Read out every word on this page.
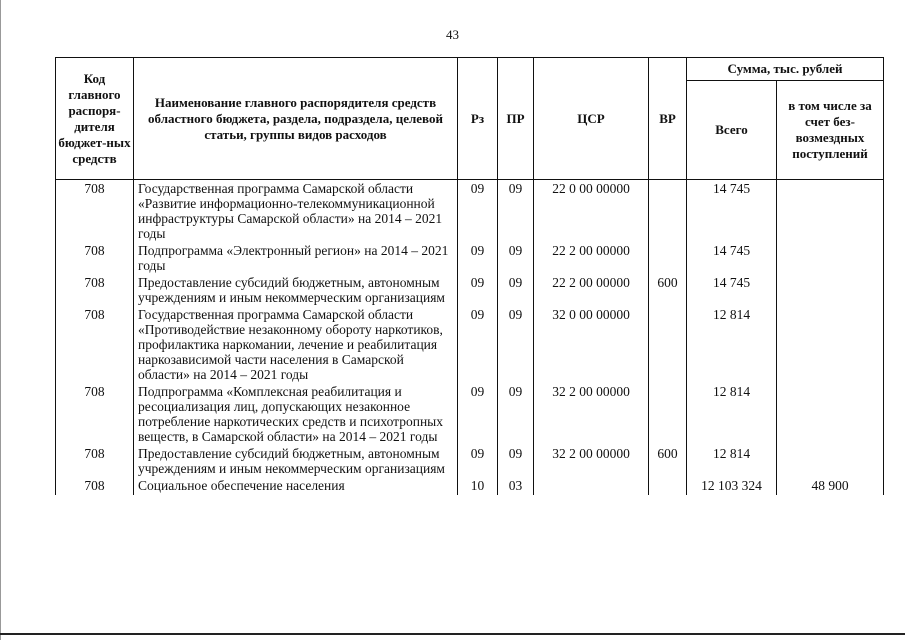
43
Код главного распоря-дителя бюджет-ных средств	Наименование главного распорядителя средств областного бюджета, раздела, подраздела, целевой статьи, группы видов расходов	Рз	ПР	ЦСР	ВР	Сумма, тыс. рублей	
						Всего	в том числе за счет без-возмездных поступлений
708	Государственная программа Самарской области «Развитие информационно-телекоммуникационной инфраструктуры Самарской области» на 2014 – 2021 годы	09	09	22 0 00 00000		14 745	
708	Подпрограмма «Электронный регион» на 2014 – 2021 годы	09	09	22 2 00 00000		14 745	
708	Предоставление субсидий бюджетным, автономным учреждениям и иным некоммерческим организациям	09	09	22 2 00 00000	600	14 745	
708	Государственная программа Самарской области «Противодействие незаконному обороту наркотиков, профилактика наркомании, лечение и реабилитация наркозависимой части населения в Самарской области» на 2014 – 2021 годы	09	09	32 0 00 00000		12 814	
708	Подпрограмма «Комплексная реабилитация и ресоциализация лиц, допускающих незаконное потребление наркотических средств и психотропных веществ, в Самарской области» на 2014 – 2021 годы	09	09	32 2 00 00000		12 814	
708	Предоставление субсидий бюджетным, автономным учреждениям и иным некоммерческим организациям	09	09	32 2 00 00000	600	12 814	
708	Социальное обеспечение населения	10	03			12 103 324	48 900
